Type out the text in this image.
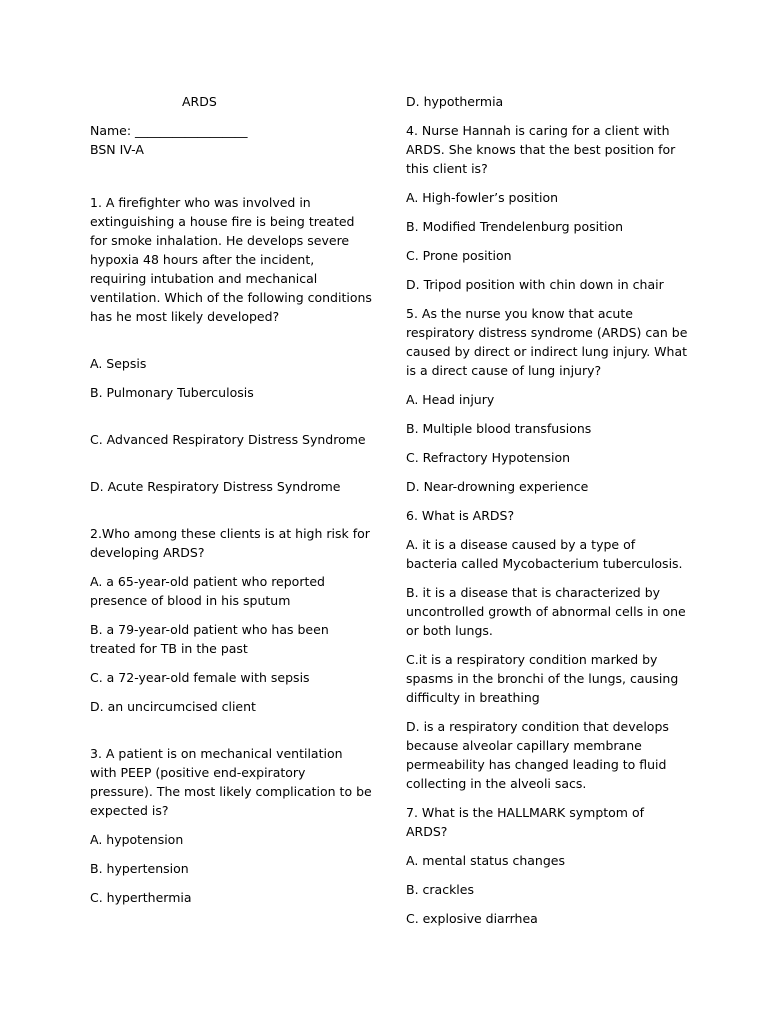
ARDS

Name: __________________

BSN IV-A

1. A firefighter who was involved in extinguishing a house fire is being treated for smoke inhalation. He develops severe hypoxia 48 hours after the incident, requiring intubation and mechanical ventilation. Which of the following conditions has he most likely developed?

A. Sepsis

B. Pulmonary Tuberculosis

C. Advanced Respiratory Distress Syndrome

D. Acute Respiratory Distress Syndrome

2.Who among these clients is at high risk for developing ARDS?

A. a 65-year-old patient who reported presence of blood in his sputum

B. a 79-year-old patient who has been treated for TB in the past

C. a 72-year-old female with sepsis

D. an uncircumcised client

3. A patient is on mechanical ventilation with PEEP (positive end-expiratory pressure). The most likely complication to be expected is?

A. hypotension

B. hypertension

C. hyperthermia

D. hypothermia

4. Nurse Hannah is caring for a client with ARDS. She knows that the best position for this client is?

A. High-fowler’s position

B. Modified Trendelenburg position

C. Prone position

D. Tripod position with chin down in chair

5. As the nurse you know that acute respiratory distress syndrome (ARDS) can be caused by direct or indirect lung injury. What is a direct cause of lung injury?

A. Head injury

B. Multiple blood transfusions

C. Refractory Hypotension

D. Near-drowning experience

6. What is ARDS?

A. it is a disease caused by a type of bacteria called Mycobacterium tuberculosis.

B. it is a disease that is characterized by uncontrolled growth of abnormal cells in one or both lungs.

C.it is a respiratory condition marked by spasms in the bronchi of the lungs, causing difficulty in breathing

D. is a respiratory condition that develops because alveolar capillary membrane permeability has changed leading to fluid collecting in the alveoli sacs.

7. What is the HALLMARK symptom of ARDS?

A. mental status changes

B. crackles

C. explosive diarrhea
